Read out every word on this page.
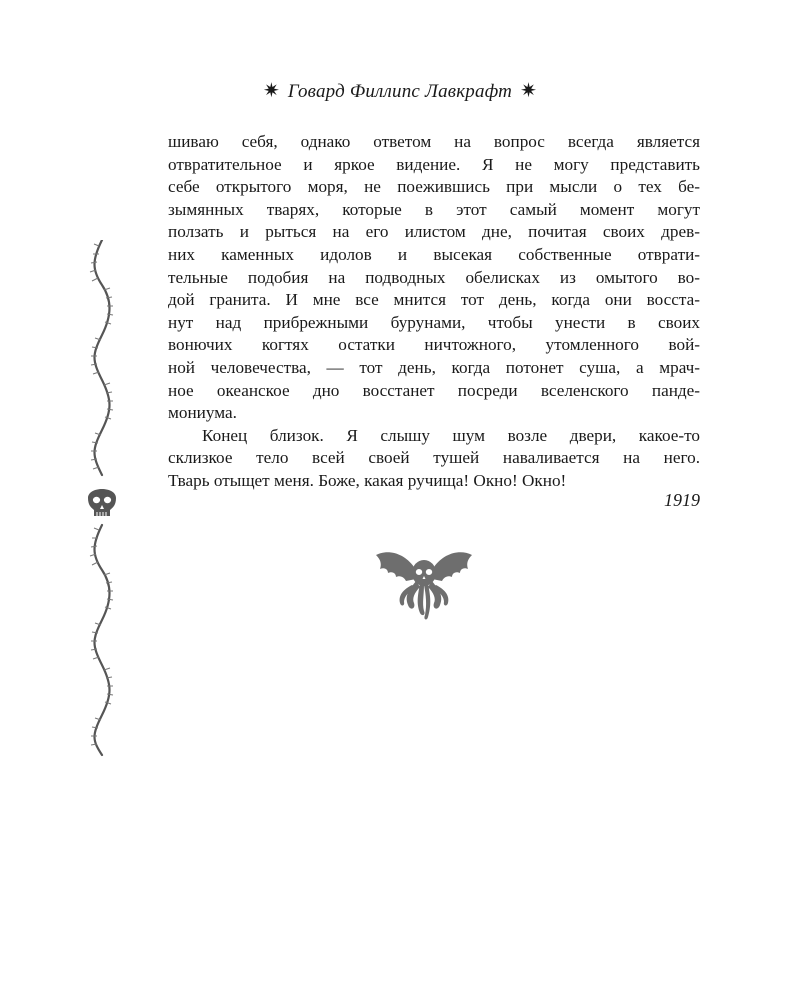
✷ Говард Филлипс Лавкрафт ✷
шиваю себя, однако ответом на вопрос всегда является
отвратительное и яркое видение. Я не могу представить
себе открытого моря, не поежившись при мысли о тех бе-
зымянных тварях, которые в этот самый момент могут
ползать и рыться на его илистом дне, почитая своих древ-
них каменных идолов и высекая собственные отврати-
тельные подобия на подводных обелисках из омытого во-
дой гранита. И мне все мнится тот день, когда они восста-
нут над прибрежными бурунами, чтобы унести в своих
вонючих когтях остатки ничтожного, утомленного вой-
ной человечества, — тот день, когда потонет суша, а мрач-
ное океанское дно восстанет посреди вселенского панде-
мониума.
Конец близок. Я слышу шум возле двери, какое-то
склизкое тело всей своей тушей наваливается на него.
Тварь отыщет меня. Боже, какая ручища! Окно! Окно!
1919
